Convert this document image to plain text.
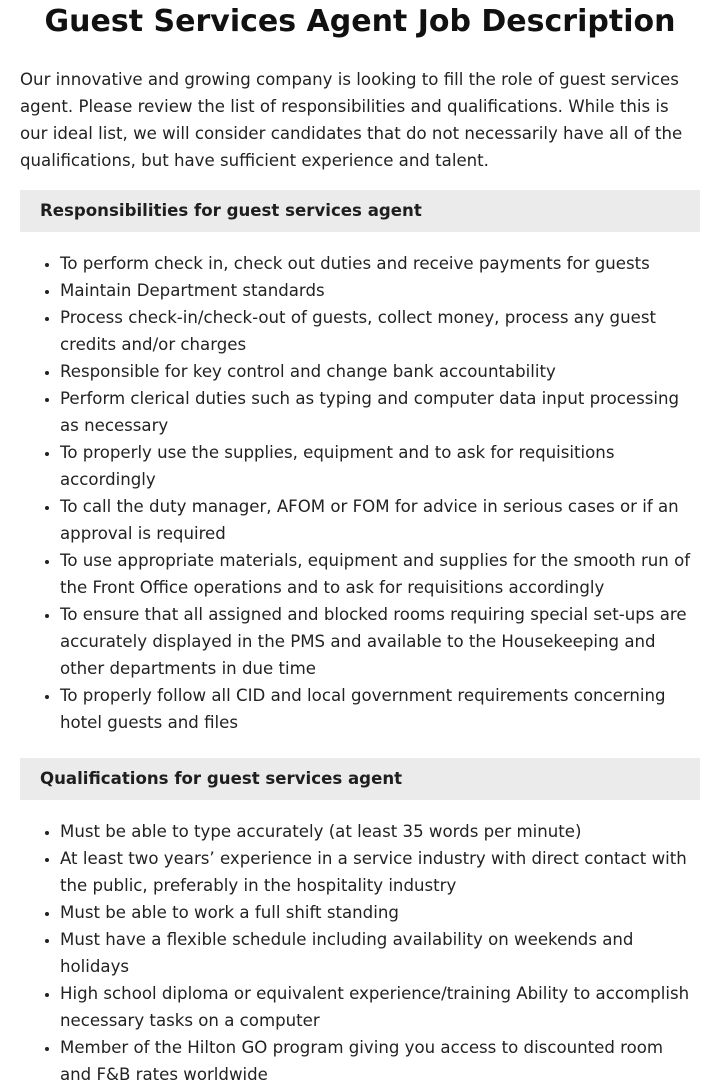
Guest Services Agent Job Description

Our innovative and growing company is looking to fill the role of guest services agent. Please review the list of responsibilities and qualifications. While this is our ideal list, we will consider candidates that do not necessarily have all of the qualifications, but have sufficient experience and talent.

Responsibilities for guest services agent
• To perform check in, check out duties and receive payments for guests
• Maintain Department standards
• Process check-in/check-out of guests, collect money, process any guest credits and/or charges
• Responsible for key control and change bank accountability
• Perform clerical duties such as typing and computer data input processing as necessary
• To properly use the supplies, equipment and to ask for requisitions accordingly
• To call the duty manager, AFOM or FOM for advice in serious cases or if an approval is required
• To use appropriate materials, equipment and supplies for the smooth run of the Front Office operations and to ask for requisitions accordingly
• To ensure that all assigned and blocked rooms requiring special set-ups are accurately displayed in the PMS and available to the Housekeeping and other departments in due time
• To properly follow all CID and local government requirements concerning hotel guests and files
Qualifications for guest services agent
• Must be able to type accurately (at least 35 words per minute)
• At least two years’ experience in a service industry with direct contact with the public, preferably in the hospitality industry
• Must be able to work a full shift standing
• Must have a flexible schedule including availability on weekends and holidays
• High school diploma or equivalent experience/training Ability to accomplish necessary tasks on a computer
• Member of the Hilton GO program giving you access to discounted room and F&B rates worldwide
